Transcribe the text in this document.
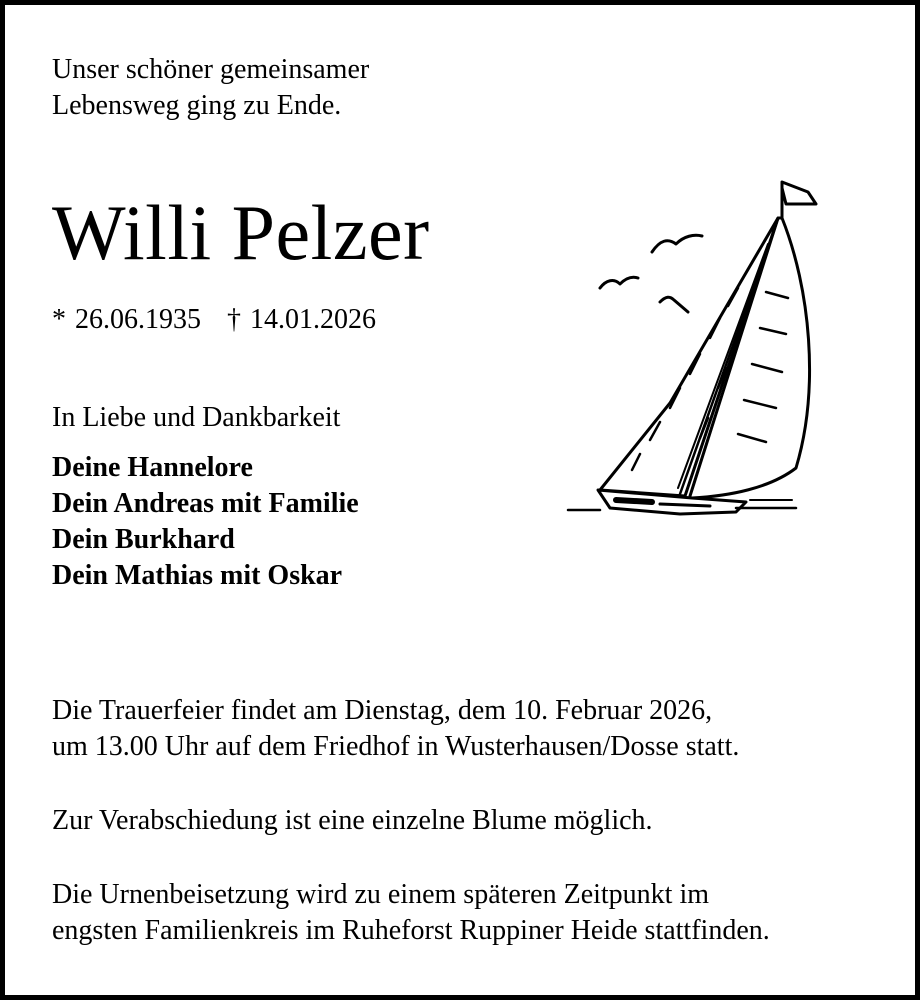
Unser schöner gemeinsamer
Lebensweg ging zu Ende.

Willi Pelzer

* 26.06.1935 † 14.01.2026

In Liebe und Dankbarkeit

Deine Hannelore
Dein Andreas mit Familie
Dein Burkhard
Dein Mathias mit Oskar

Die Trauerfeier findet am Dienstag, dem 10. Februar 2026,
um 13.00 Uhr auf dem Friedhof in Wusterhausen/Dosse statt.

Zur Verabschiedung ist eine einzelne Blume möglich.

Die Urnenbeisetzung wird zu einem späteren Zeitpunkt im
engsten Familienkreis im Ruheforst Ruppiner Heide stattfinden.
